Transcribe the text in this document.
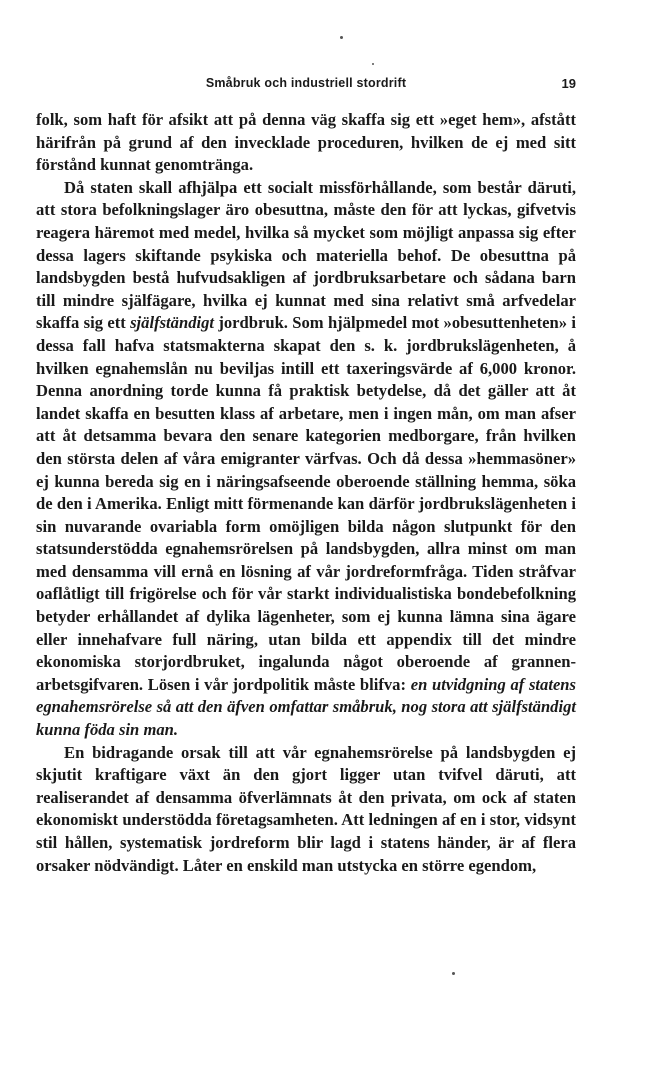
Småbruk och industriell stordrift	19

folk, som haft för afsikt att på denna väg skaffa sig ett »eget hem», afstått härifrån på grund af den invecklade proceduren, hvilken de ej med sitt förstånd kunnat genomtränga.

Då staten skall afhjälpa ett socialt missförhållande, som består däruti, att stora befolkningslager äro obesuttna, måste den för att lyckas, gifvetvis reagera häremot med medel, hvilka så mycket som möjligt anpassa sig efter dessa lagers skiftande psykiska och materiella behof. De obesuttna på landsbygden bestå hufvudsakligen af jordbruksarbetare och sådana barn till mindre själfägare, hvilka ej kunnat med sina relativt små arfvedelar skaffa sig ett själfständigt jordbruk. Som hjälpmedel mot »obesuttenheten» i dessa fall hafva statsmakterna skapat den s. k. jordbrukslägenheten, å hvilken egnahemslån nu beviljas intill ett taxeringsvärde af 6,000 kronor. Denna anordning torde kunna få praktisk betydelse, då det gäller att åt landet skaffa en besutten klass af arbetare, men i ingen mån, om man afser att åt detsamma bevara den senare kategorien medborgare, från hvilken den största delen af våra emigranter värfvas. Och då dessa »hemmasöner» ej kunna bereda sig en i näringsafseende oberoende ställning hemma, söka de den i Amerika. Enligt mitt förmenande kan därför jordbrukslägenheten i sin nuvarande ovariabla form omöjligen bilda någon slutpunkt för den statsunderstödda egnahemsrörelsen på landsbygden, allra minst om man med densamma vill ernå en lösning af vår jordreformfråga. Tiden stråfvar oaflåtligt till frigörelse och för vår starkt individualistiska bondebefolkning betyder erhållandet af dylika lägenheter, som ej kunna lämna sina ägare eller innehafvare full näring, utan bilda ett appendix till det mindre ekonomiska storjordbruket, ingalunda något oberoende af grannen-arbetsgifvaren. Lösen i vår jordpolitik måste blifva: en utvidgning af statens egnahemsrörelse så att den äfven omfattar småbruk, nog stora att själfständigt kunna föda sin man.

En bidragande orsak till att vår egnahemsrörelse på landsbygden ej skjutit kraftigare växt än den gjort ligger utan tvifvel däruti, att realiserandet af densamma öfverlämnats åt den privata, om ock af staten ekonomiskt understödda företagsamheten. Att ledningen af en i stor, vidsynt stil hållen, systematisk jordreform blir lagd i statens händer, är af flera orsaker nödvändigt. Låter en enskild man utstycka en större egendom,
